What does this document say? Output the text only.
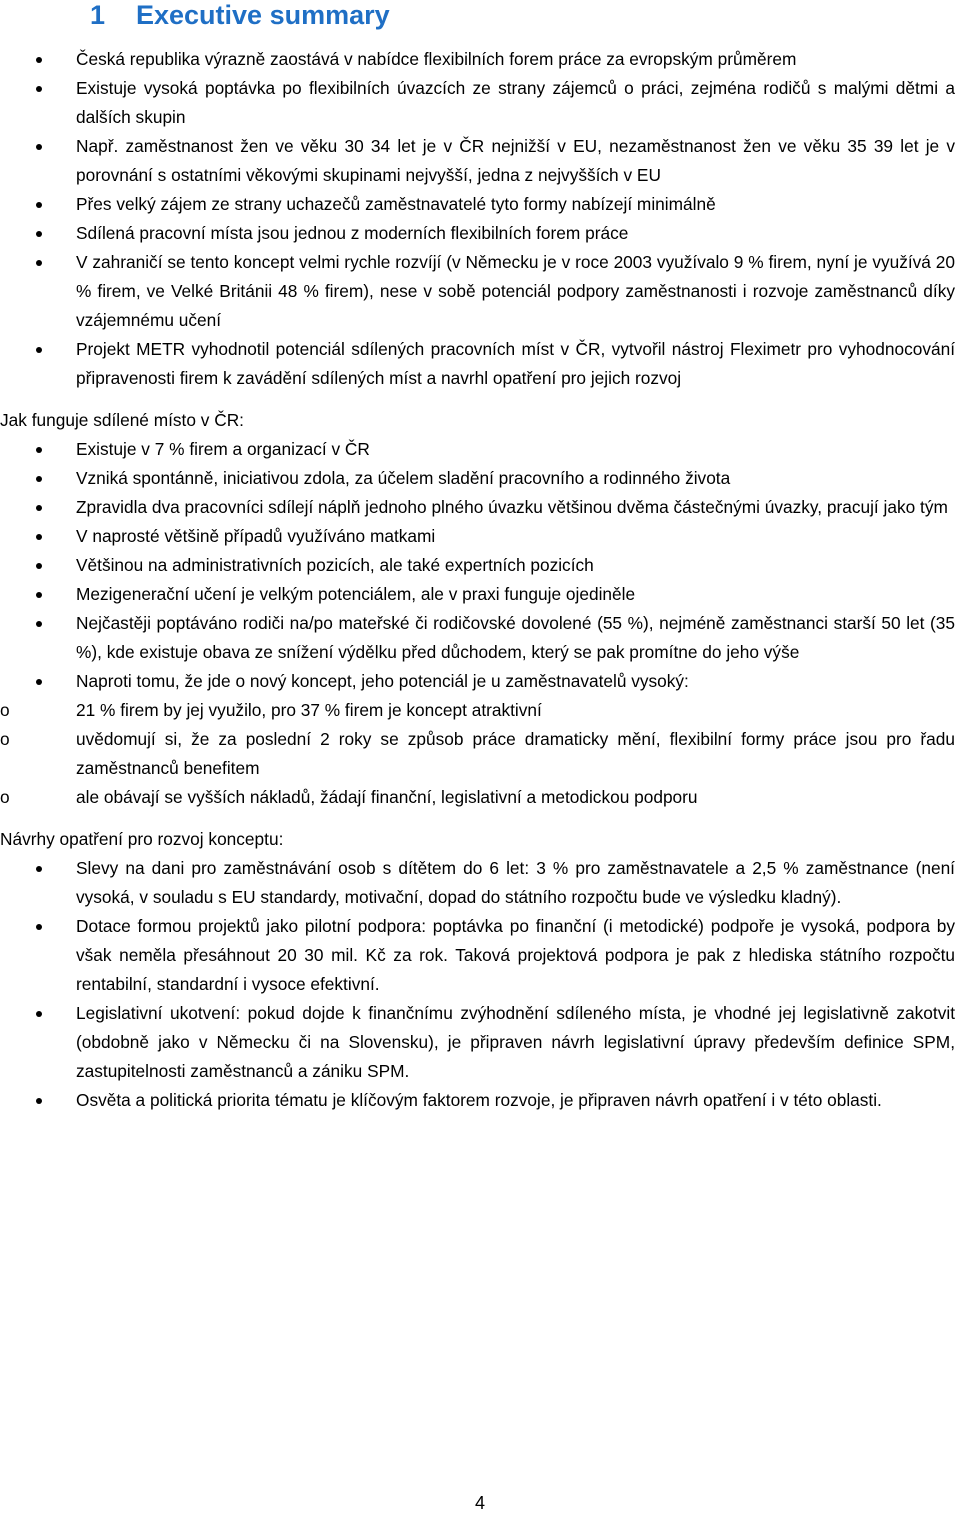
1 Executive summary
Česká republika výrazně zaostává v nabídce flexibilních forem práce za evropským průměrem
Existuje vysoká poptávka po flexibilních úvazcích ze strany zájemců o práci, zejména rodičů s malými dětmi a dalších skupin
Např. zaměstnanost žen ve věku 30 34 let je v ČR nejnižší v EU, nezaměstnanost žen ve věku 35 39 let je v porovnání s ostatními věkovými skupinami nejvyšší, jedna z nejvyšších v EU
Přes velký zájem ze strany uchazečů zaměstnavatelé tyto formy nabízejí minimálně
Sdílená pracovní místa jsou jednou z moderních flexibilních forem práce
V zahraničí se tento koncept velmi rychle rozvíjí (v Německu je v roce 2003 využívalo 9 % firem, nyní je využívá 20 % firem, ve Velké Británii 48 % firem), nese v sobě potenciál podpory zaměstnanosti i rozvoje zaměstnanců díky vzájemnému učení
Projekt METR vyhodnotil potenciál sdílených pracovních míst v ČR, vytvořil nástroj Fleximetr pro vyhodnocování připravenosti firem k zavádění sdílených míst a navrhl opatření pro jejich rozvoj
Jak funguje sdílené místo v ČR:
Existuje v 7 % firem a organizací v ČR
Vzniká spontánně, iniciativou zdola, za účelem sladění pracovního a rodinného života
Zpravidla dva pracovníci sdílejí náplň jednoho plného úvazku většinou dvěma částečnými úvazky, pracují jako tým
V naprosté většině případů využíváno matkami
Většinou na administrativních pozicích, ale také expertních pozicích
Mezigenerační učení je velkým potenciálem, ale v praxi funguje ojediněle
Nejčastěji poptáváno rodiči na/po mateřské či rodičovské dovolené (55 %), nejméně zaměstnanci starší 50 let (35 %), kde existuje obava ze snížení výdělku před důchodem, který se pak promítne do jeho výše
Naproti tomu, že jde o nový koncept, jeho potenciál je u zaměstnavatelů vysoký:
o 21 % firem by jej využilo, pro 37 % firem je koncept atraktivní
o uvědomují si, že za poslední 2 roky se způsob práce dramaticky mění, flexibilní formy práce jsou pro řadu zaměstnanců benefitem
o ale obávají se vyšších nákladů, žádají finanční, legislativní a metodickou podporu
Návrhy opatření pro rozvoj konceptu:
Slevy na dani pro zaměstnávání osob s dítětem do 6 let: 3 % pro zaměstnavatele a 2,5 % zaměstnance (není vysoká, v souladu s EU standardy, motivační, dopad do státního rozpočtu bude ve výsledku kladný).
Dotace formou projektů jako pilotní podpora: poptávka po finanční (i metodické) podpoře je vysoká, podpora by však neměla přesáhnout 20 30 mil. Kč za rok. Taková projektová podpora je pak z hlediska státního rozpočtu rentabilní, standardní i vysoce efektivní.
Legislativní ukotvení: pokud dojde k finančnímu zvýhodnění sdíleného místa, je vhodné jej legislativně zakotvit (obdobně jako v Německu či na Slovensku), je připraven návrh legislativní úpravy především definice SPM, zastupitelnosti zaměstnanců a zániku SPM.
Osvěta a politická priorita tématu je klíčovým faktorem rozvoje, je připraven návrh opatření i v této oblasti.
4
